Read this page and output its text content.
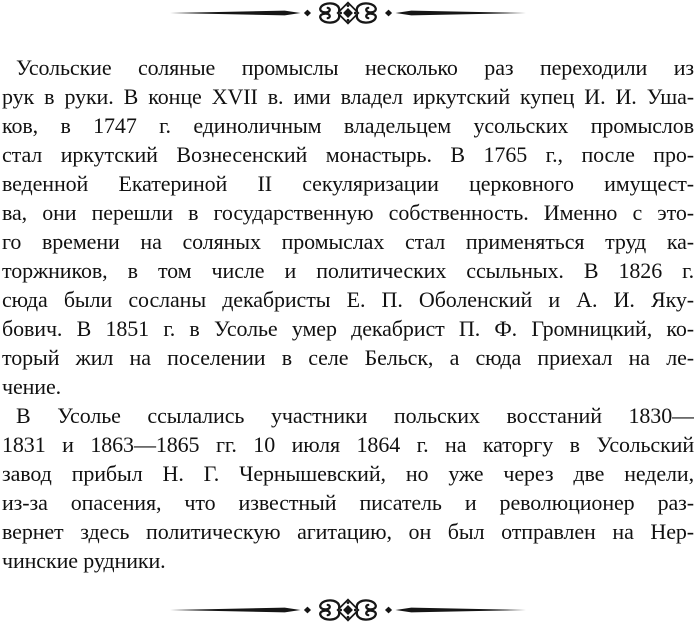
Усольские соляные промыслы несколько раз переходили из
рук в руки. В конце XVII в. ими владел иркутский купец И. И. Уша-
ков, в 1747 г. единоличным владельцем усольских промыслов
стал иркутский Вознесенский монастырь. В 1765 г., после про-
веденной Екатериной II секуляризации церковного имущест-
ва, они перешли в государственную собственность. Именно с это-
го времени на соляных промыслах стал применяться труд ка-
торжников, в том числе и политических ссыльных. В 1826 г.
сюда были сосланы декабристы Е. П. Оболенский и А. И. Яку-
бович. В 1851 г. в Усолье умер декабрист П. Ф. Громницкий, ко-
торый жил на поселении в селе Бельск, а сюда приехал на ле-
чение.
В Усолье ссылались участники польских восстаний 1830—
1831 и 1863—1865 гг. 10 июля 1864 г. на каторгу в Усольский
завод прибыл Н. Г. Чернышевский, но уже через две недели,
из-за опасения, что известный писатель и революционер раз-
вернет здесь политическую агитацию, он был отправлен на Нер-
чинские рудники.
